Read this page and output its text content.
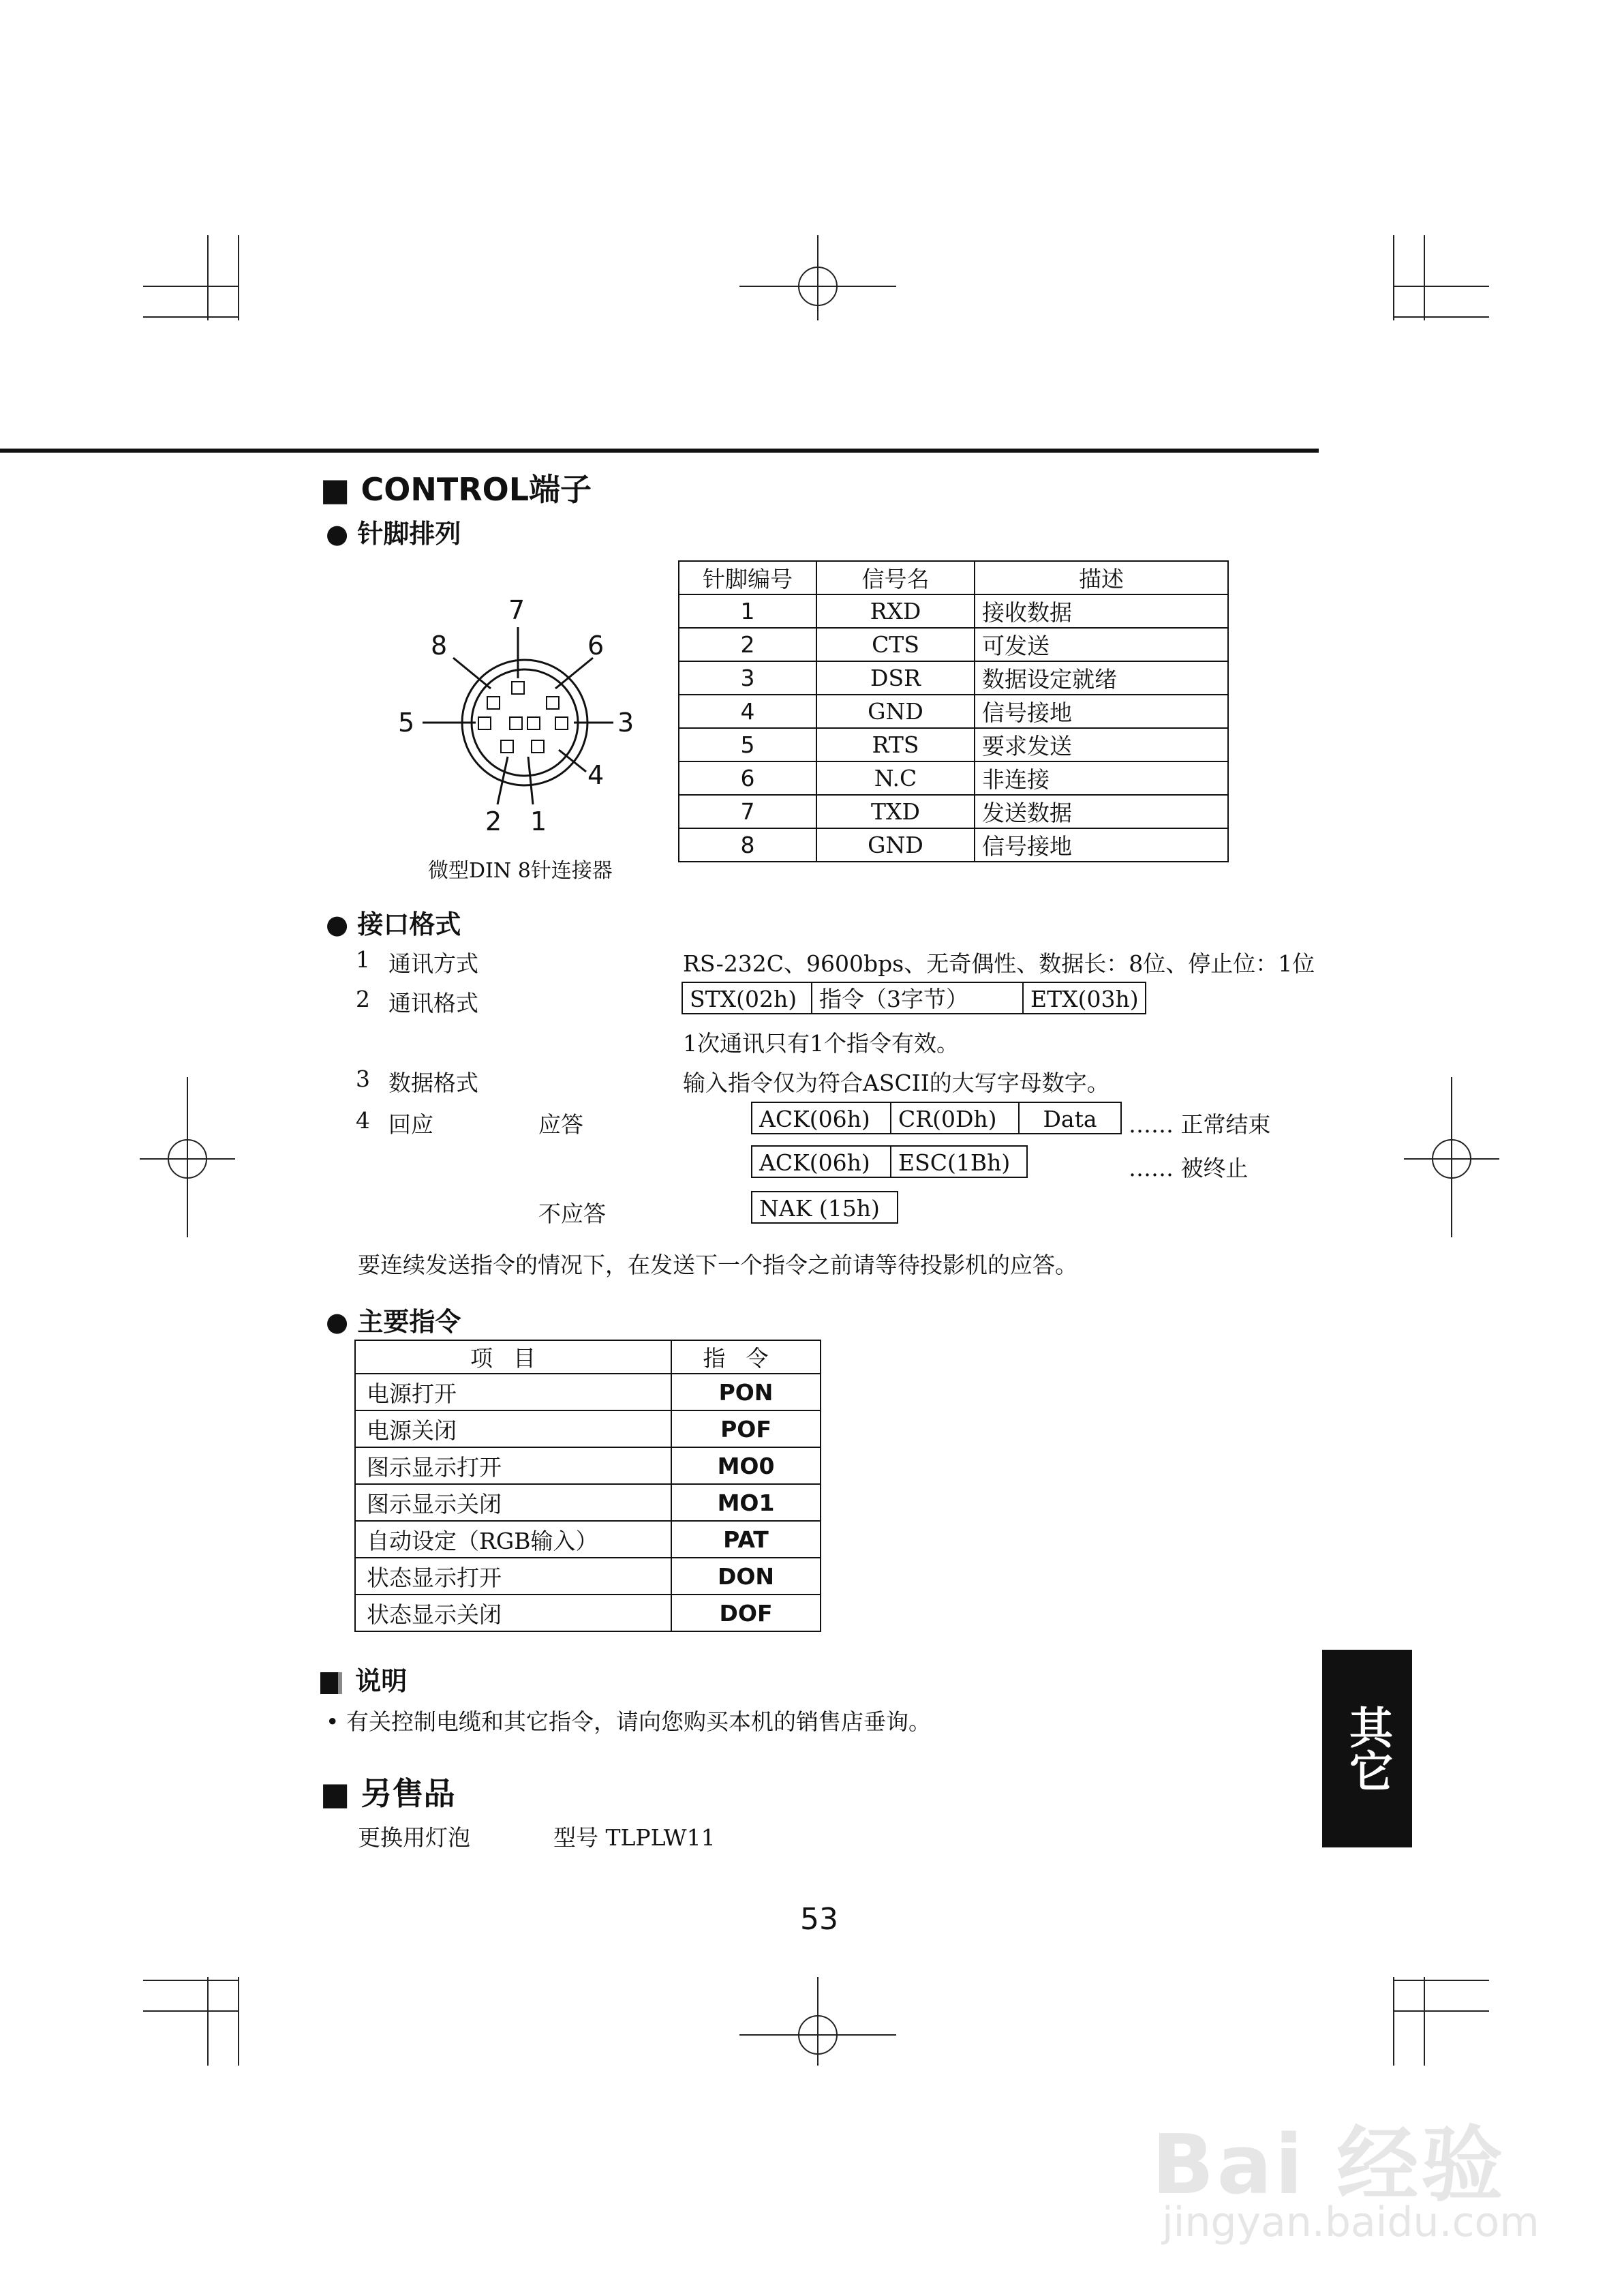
■ CONTROL端子
● 针脚排列
7
8	6
5	3
4
2 1
微型DIN 8针连接器
针脚编号	信号名	描述
1	RXD	接收数据
2	CTS	可发送
3	DSR	数据设定就绪
4	GND	信号接地
5	RTS	要求发送
6	N.C	非连接
7	TXD	发送数据
8	GND	信号接地
● 接口格式
1 通讯方式	RS-232C、9600bps、无奇偶性、数据长：8位、停止位：1位
2 通讯格式	STX(02h) 指令（3字节）	ETX(03h)
1次通讯只有1个指令有效。
3 数据格式	输入指令仅为符合ASCII的大写字母数字。
4 回应	应答	ACK(06h)	CR(0Dh)	Data	…… 正常结束
ACK(06h)	ESC(1Bh)	…… 被终止
不应答	NAK (15h)
要连续发送指令的情况下，在发送下一个指令之前请等待投影机的应答。
● 主要指令
项目	指令
电源打开	PON
电源关闭	POF
图示显示打开	MO0
图示显示关闭	MO1
自动设定（RGB输入）	PAT
状态显示打开	DON
状态显示关闭	DOF
说明
• 有关控制电缆和其它指令，请向您购买本机的销售店垂询。
■ 另售品
更换用灯泡	型号 TLPLW11
53
其它
Bai 经验
jingyan.baidu.com
